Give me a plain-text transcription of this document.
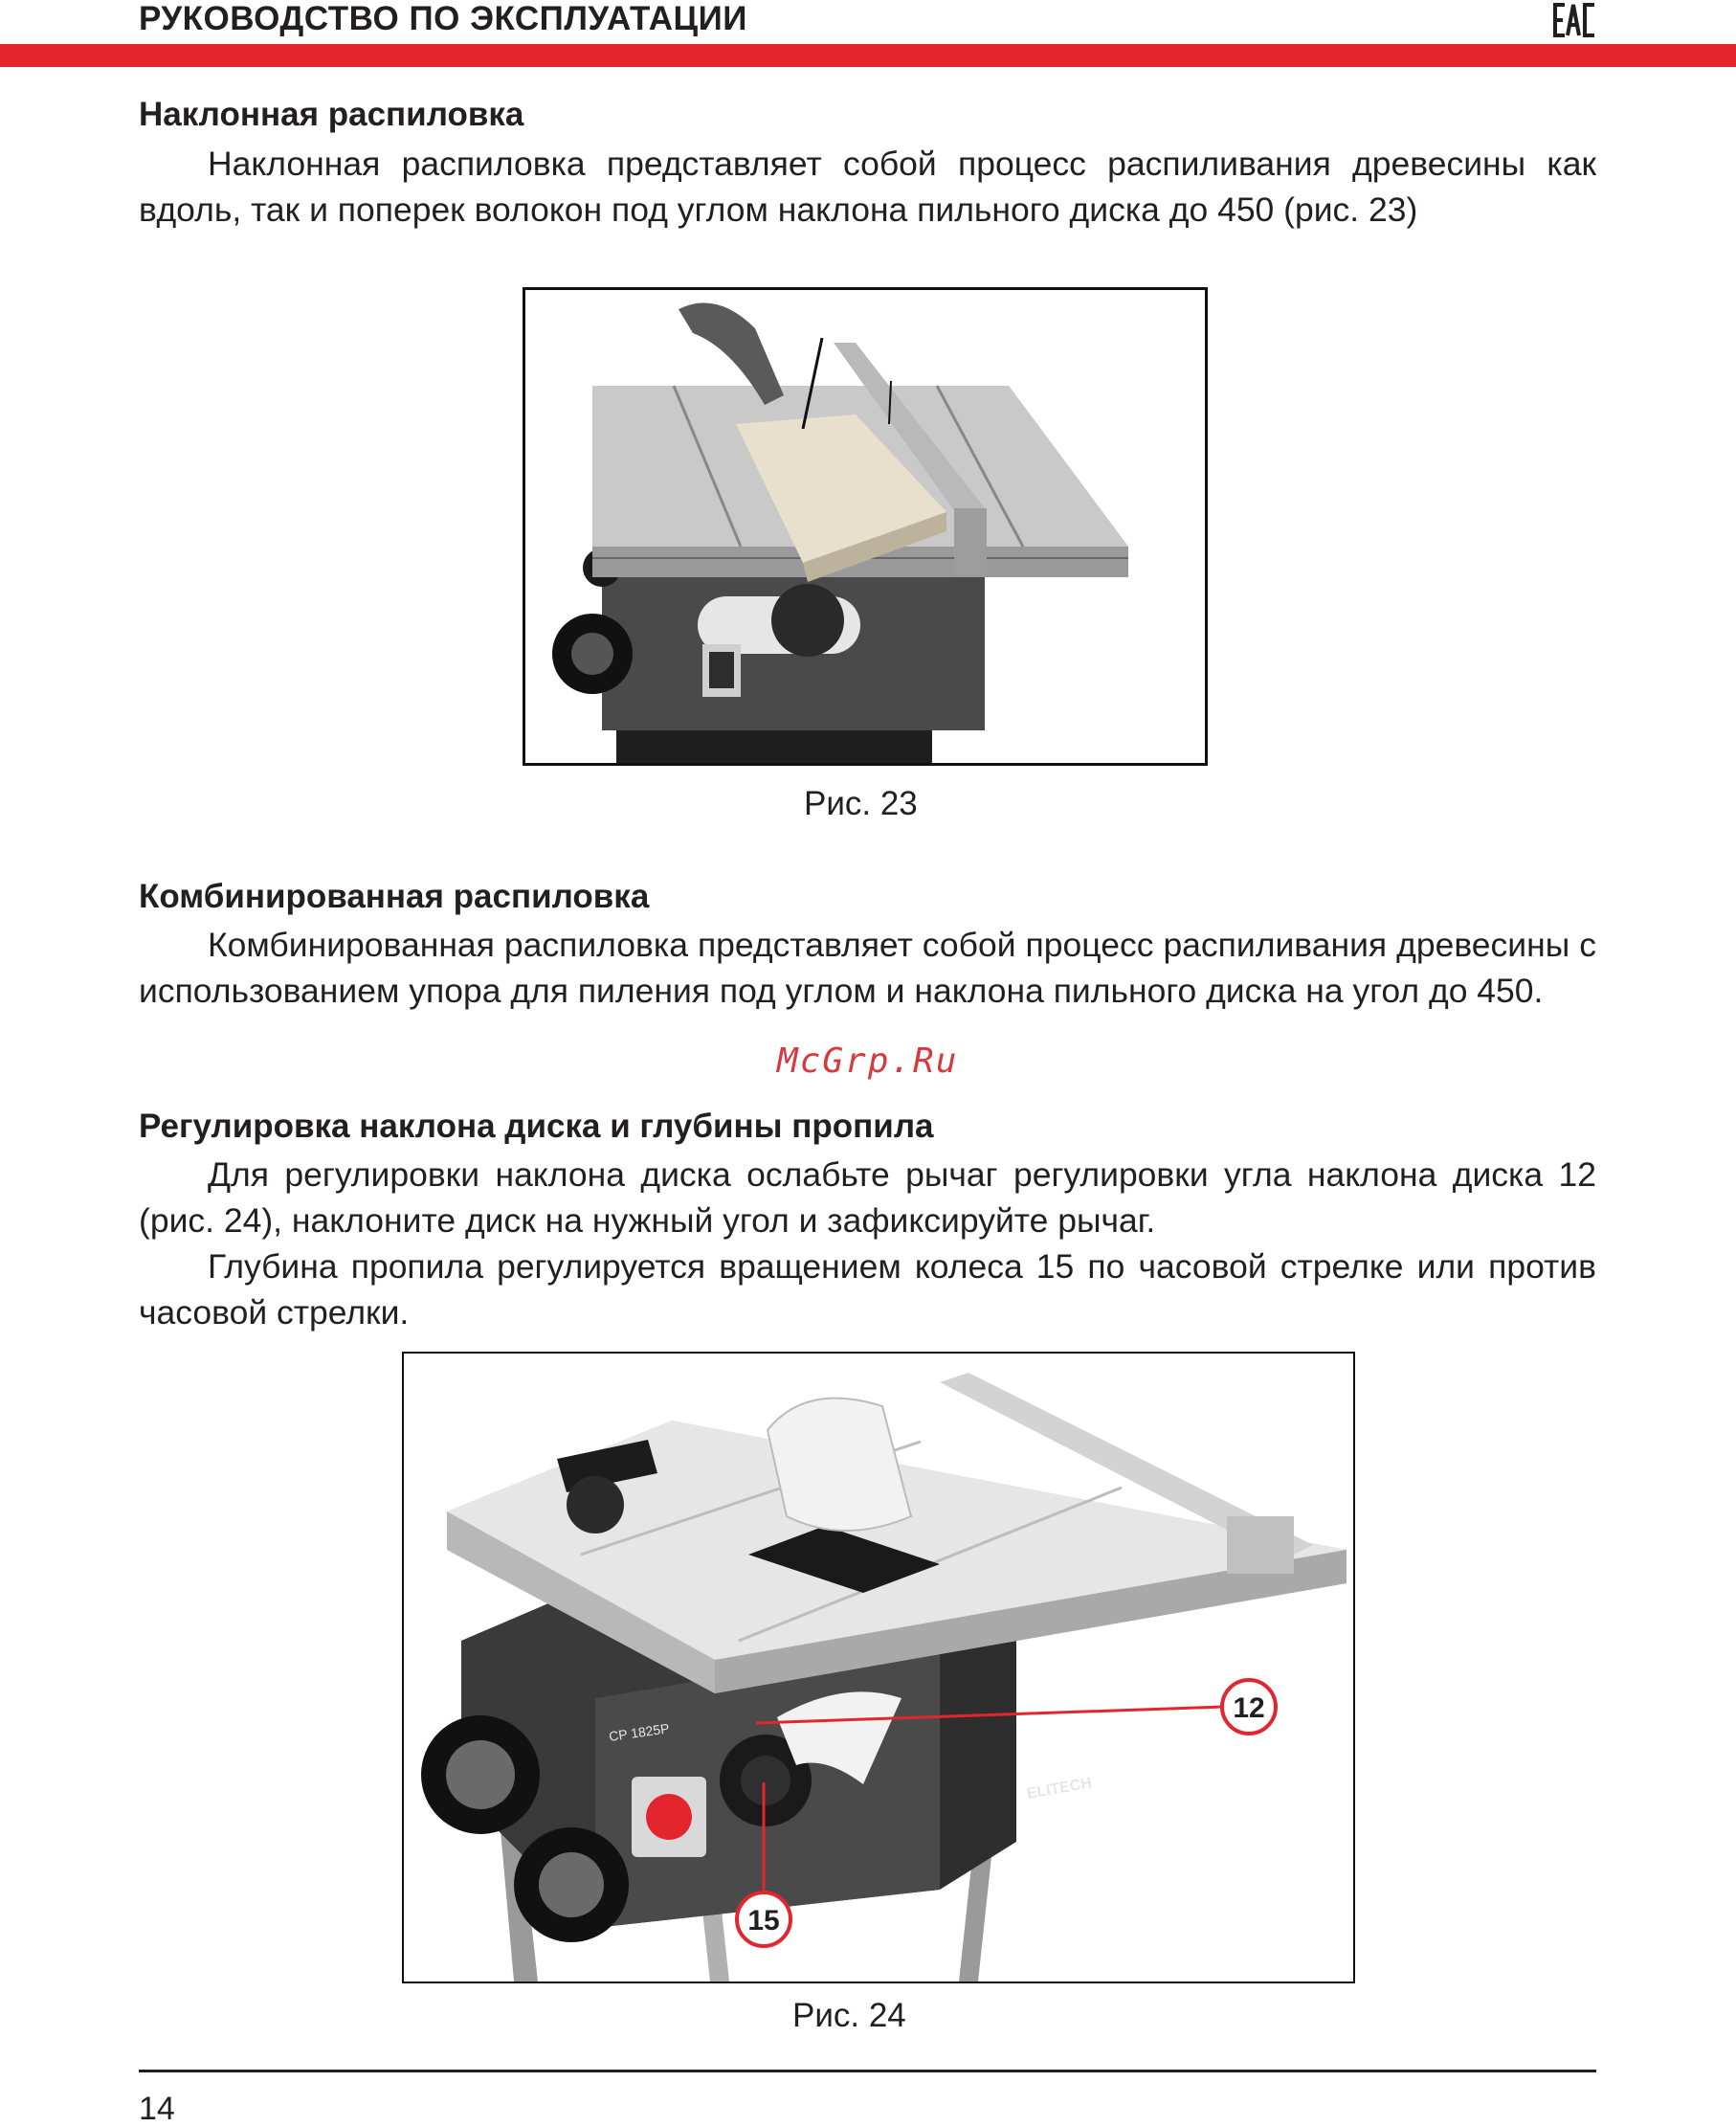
РУКОВОДСТВО ПО ЭКСПЛУАТАЦИИ
Наклонная распиловка
Наклонная распиловка представляет собой процесс распиливания древесины как вдоль, так и поперек волокон под углом наклона пильного диска до 450 (рис. 23)
Рис. 23
Комбинированная распиловка
Комбинированная распиловка представляет собой процесс распиливания древесины с использованием упора для пиления под углом и наклона пильного диска на угол до 450.
McGrp.Ru
Регулировка наклона диска и глубины пропила
Для регулировки наклона диска ослабьте рычаг регулировки угла наклона диска 12 (рис. 24), наклоните диск на нужный угол и зафиксируйте рычаг.
Глубина пропила регулируется вращением колеса 15 по часовой стрелке или против часовой стрелки.
CP 1825P
ELITECH
12
15
Рис. 24
14
